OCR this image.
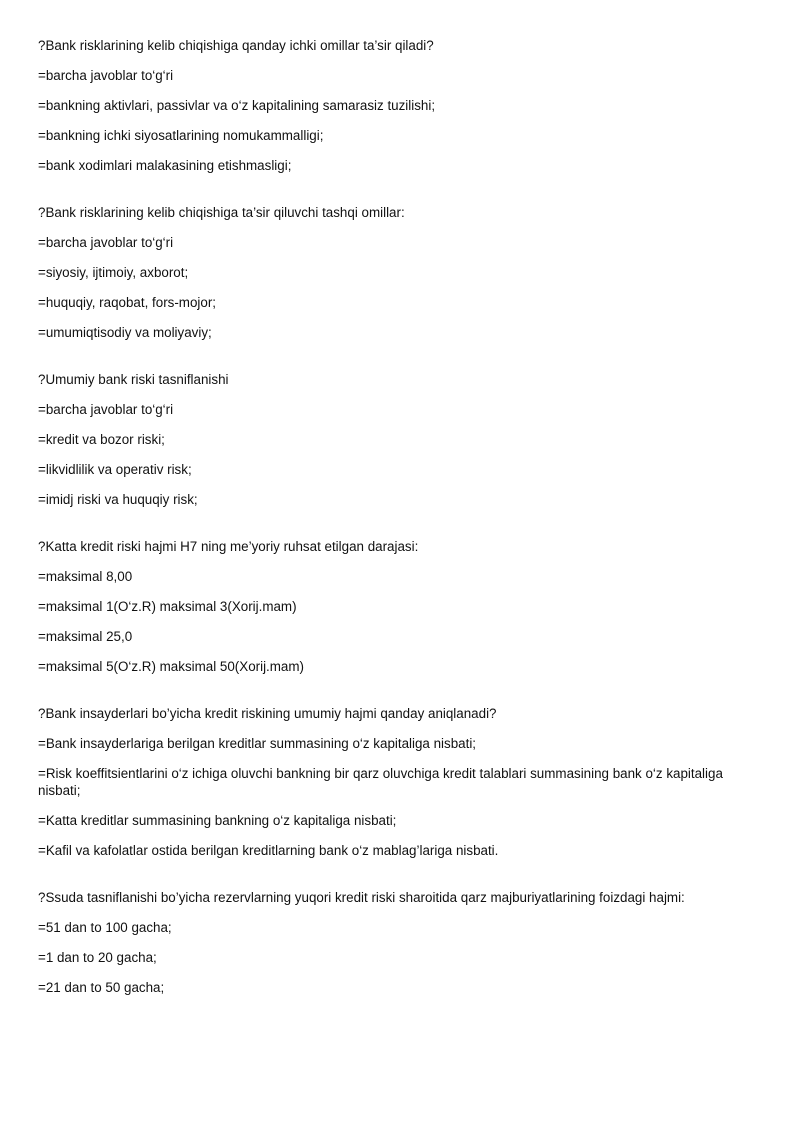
?Bank risklarining kelib chiqishiga qanday ichki omillar ta’sir qiladi?

=barcha javoblar to‘g‘ri

=bankning aktivlari, passivlar va o‘z kapitalining samarasiz tuzilishi;

=bankning ichki siyosatlarining nomukammalligi;

=bank xodimlari malakasining etishmasligi;

?Bank risklarining kelib chiqishiga ta’sir qiluvchi tashqi omillar:

=barcha javoblar to‘g‘ri

=siyosiy, ijtimoiy, axborot;

=huquqiy, raqobat, fors-mojor;

=umumiqtisodiy va moliyaviy;

?Umumiy bank riski tasniflanishi

=barcha javoblar to‘g‘ri

=kredit va bozor riski;

=likvidlilik va operativ risk;

=imidj riski va huquqiy risk;

?Katta kredit riski hajmi H7 ning me’yoriy ruhsat etilgan darajasi:

=maksimal 8,00

=maksimal 1(O‘z.R) maksimal 3(Xorij.mam)

=maksimal 25,0

=maksimal 5(O‘z.R) maksimal 50(Xorij.mam)

?Bank insayderlari bo’yicha kredit riskining umumiy hajmi qanday aniqlanadi?

=Bank insayderlariga berilgan kreditlar summasining o‘z kapitaliga nisbati;

=Risk koeffitsientlarini o‘z ichiga oluvchi bankning bir qarz oluvchiga kredit talablari summasining bank o‘z kapitaliga nisbati;

=Katta kreditlar summasining bankning o‘z kapitaliga nisbati;

=Kafil va kafolatlar ostida berilgan kreditlarning bank o‘z mablag’lariga nisbati.

?Ssuda tasniflanishi bo’yicha rezervlarning yuqori kredit riski sharoitida qarz majburiyatlarining foizdagi hajmi:

=51 dan to 100 gacha;

=1 dan to 20 gacha;

=21 dan to 50 gacha;
